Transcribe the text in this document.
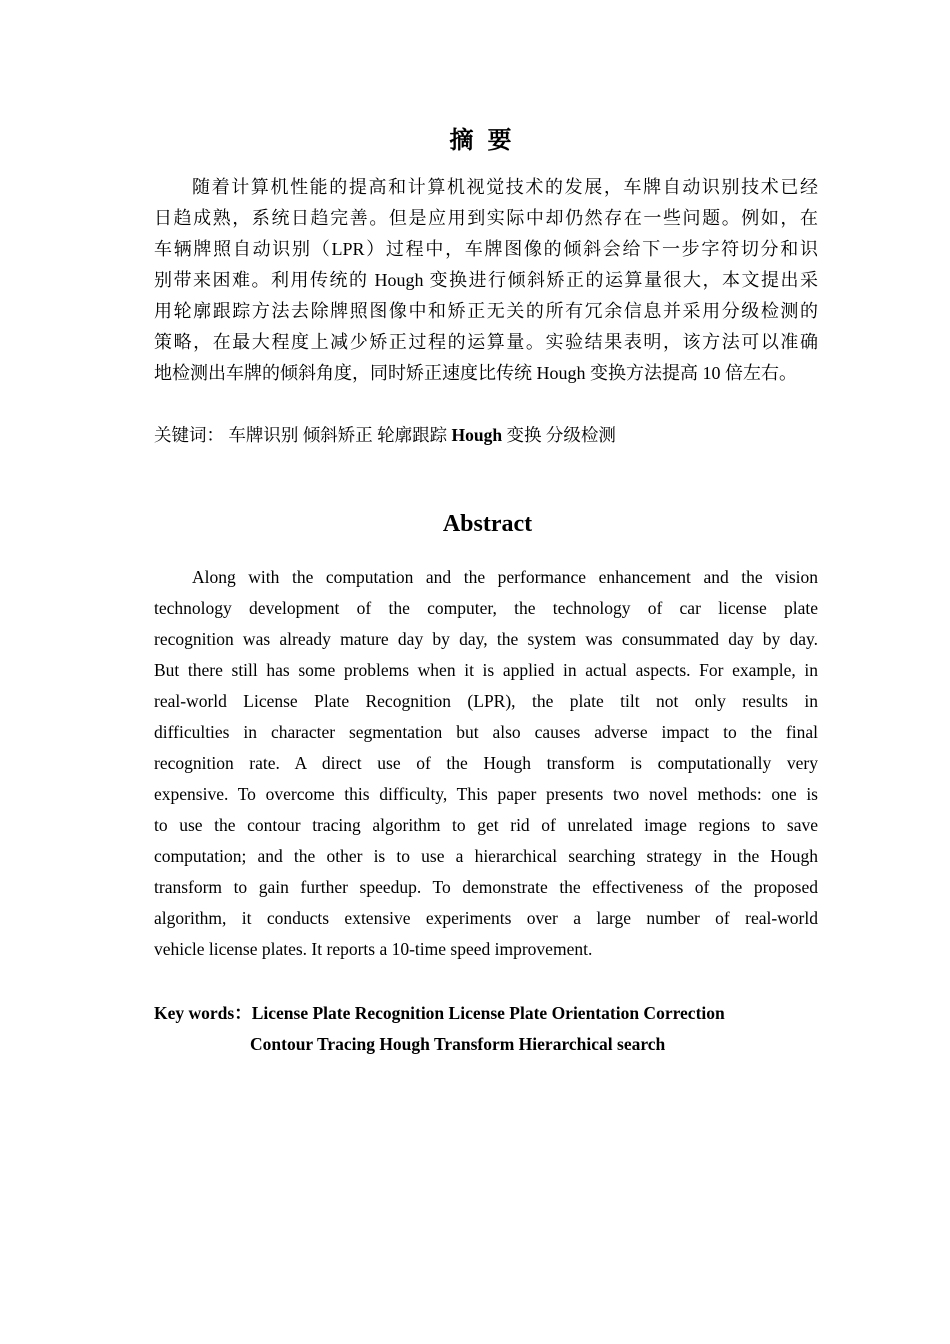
摘要
随着计算机性能的提高和计算机视觉技术的发展，车牌自动识别技术已经
日趋成熟，系统日趋完善。但是应用到实际中却仍然存在一些问题。例如，在
车辆牌照自动识别（LPR）过程中，车牌图像的倾斜会给下一步字符切分和识
别带来困难。利用传统的 Hough 变换进行倾斜矫正的运算量很大，本文提出采
用轮廓跟踪方法去除牌照图像中和矫正无关的所有冗余信息并采用分级检测的
策略，在最大程度上减少矫正过程的运算量。实验结果表明，该方法可以准确
地检测出车牌的倾斜角度，同时矫正速度比传统 Hough 变换方法提高 10 倍左右。
关键词： 车牌识别 倾斜矫正 轮廓跟踪 Hough 变换 分级检测
Abstract
Along with the computation and the performance enhancement and the vision
technology development of the computer, the technology of car license plate
recognition was already mature day by day, the system was consummated day by day.
But there still has some problems when it is applied in actual aspects. For example, in
real-world License Plate Recognition (LPR), the plate tilt not only results in
difficulties in character segmentation but also causes adverse impact to the final
recognition rate. A direct use of the Hough transform is computationally very
expensive. To overcome this difficulty, This paper presents two novel methods: one is
to use the contour tracing algorithm to get rid of unrelated image regions to save
computation; and the other is to use a hierarchical searching strategy in the Hough
transform to gain further speedup. To demonstrate the effectiveness of the proposed
algorithm, it conducts extensive experiments over a large number of real-world
vehicle license plates. It reports a 10-time speed improvement.
Key words：License Plate Recognition License Plate Orientation Correction
Contour Tracing Hough Transform Hierarchical search
